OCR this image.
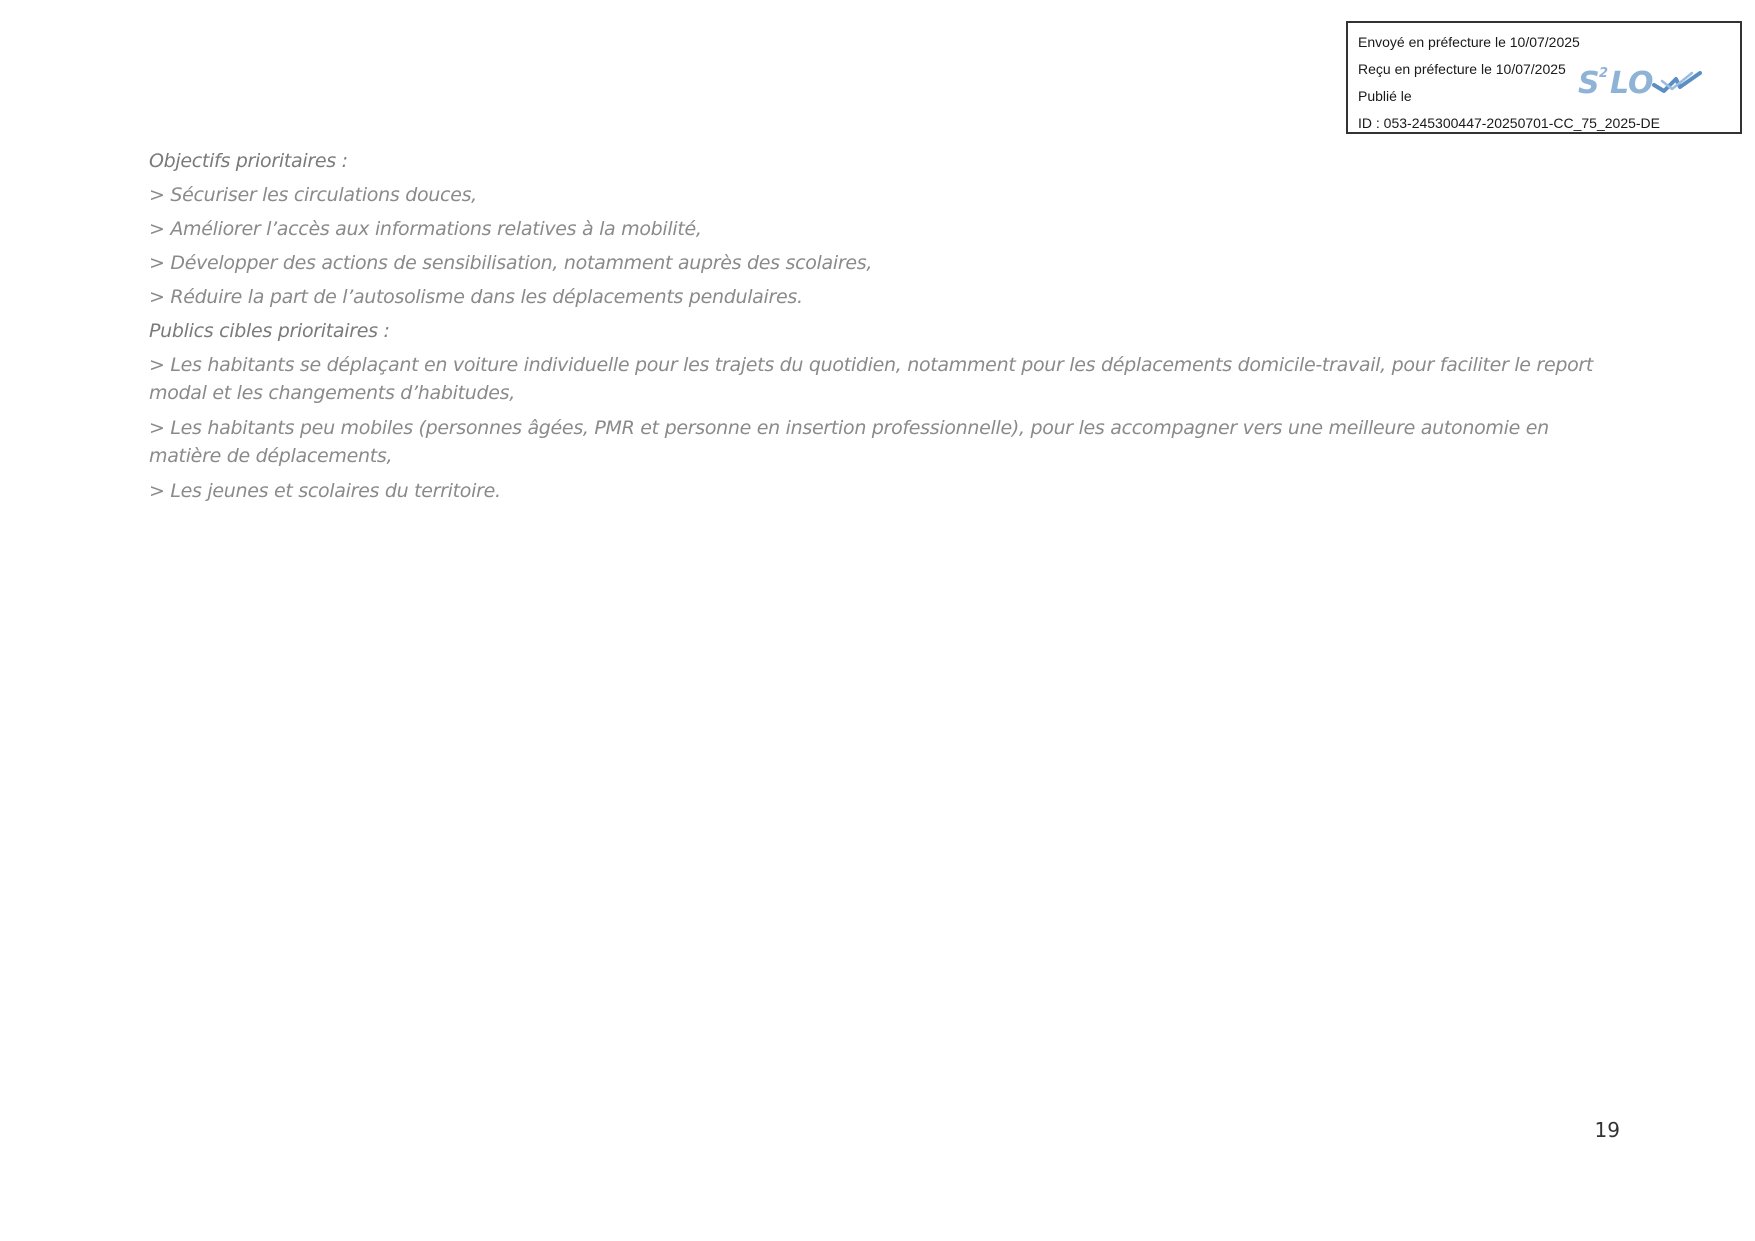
Envoyé en préfecture le 10/07/2025
Reçu en préfecture le 10/07/2025
Publié le
ID : 053-245300447-20250701-CC_75_2025-DE
S 2 LO

Objectifs prioritaires :

> Sécuriser les circulations douces,

> Améliorer l’accès aux informations relatives à la mobilité,

> Développer des actions de sensibilisation, notamment auprès des scolaires,

> Réduire la part de l’autosolisme dans les déplacements pendulaires.

Publics cibles prioritaires :

> Les habitants se déplaçant en voiture individuelle pour les trajets du quotidien, notamment pour les déplacements domicile-travail, pour faciliter le report modal et les changements d’habitudes,

> Les habitants peu mobiles (personnes âgées, PMR et personne en insertion professionnelle), pour les accompagner vers une meilleure autonomie en matière de déplacements,

> Les jeunes et scolaires du territoire.

19
